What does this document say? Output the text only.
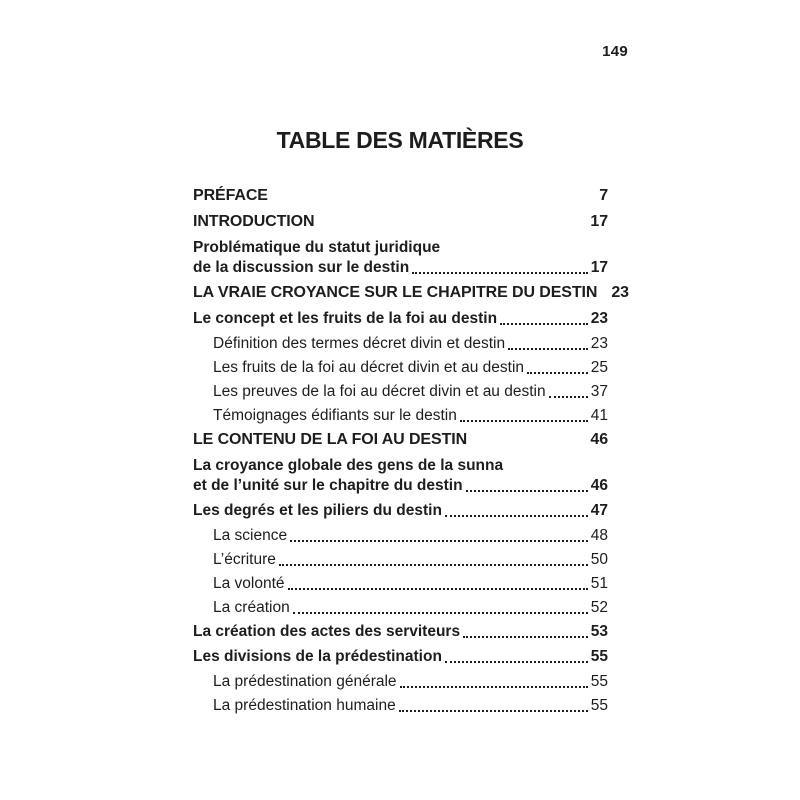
149
TABLE DES MATIÈRES
PRÉFACE	7
INTRODUCTION	17
Problématique du statut juridique
de la discussion sur le destin	17
LA VRAIE CROYANCE SUR LE CHAPITRE DU DESTIN 23
Le concept et les fruits de la foi au destin	23
Définition des termes décret divin et destin	23
Les fruits de la foi au décret divin et au destin	25
Les preuves de la foi au décret divin et au destin	37
Témoignages édifiants sur le destin	41
LE CONTENU DE LA FOI AU DESTIN	46
La croyance globale des gens de la sunna
et de l’unité sur le chapitre du destin	46
Les degrés et les piliers du destin	47
La science	48
L’écriture	50
La volonté	51
La création	52
La création des actes des serviteurs	53
Les divisions de la prédestination	55
La prédestination générale	55
La prédestination humaine	55
